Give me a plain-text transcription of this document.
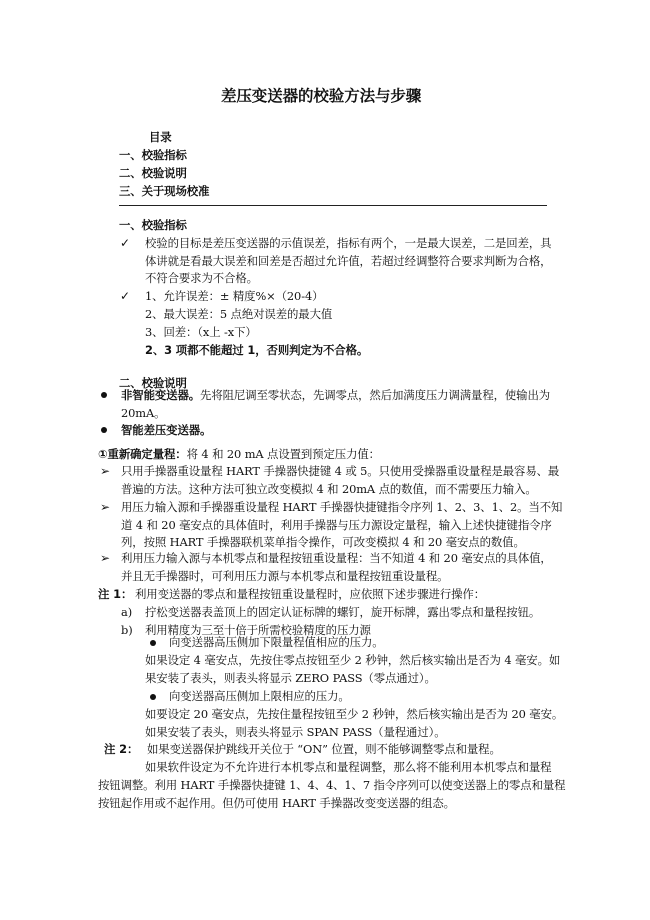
差压变送器的校验方法与步骤
目录
一、校验指标
二、校验说明
三、关于现场校准
一、校验指标
✓ 校验的目标是差压变送器的示值误差，指标有两个，一是最大误差，二是回差，具
体讲就是看最大误差和回差是否超过允许值，若超过经调整符合要求判断为合格，
不符合要求为不合格。
✓ 1、允许误差：± 精度%×（20-4）
2、最大误差：5 点绝对误差的最大值
3、回差：（x上 -x下）
2、3 项都不能超过 1，否则判定为不合格。
二、校验说明
非智能变送器。先将阻尼调至零状态，先调零点，然后加满度压力调满量程，使输出为
20mA。
智能差压变送器。
①重新确定量程：将 4 和 20 mA 点设置到预定压力值：
➢ 只用手操器重设量程 HART 手操器快捷键 4 或 5。只使用受操器重设量程是最容易、最
普遍的方法。这种方法可独立改变模拟 4 和 20mA 点的数值，而不需要压力输入。
➢ 用压力输入源和手操器重设量程 HART 手操器快捷键指令序列 1、2、3、1、2。当不知
道 4 和 20 毫安点的具体值时，利用手操器与压力源设定量程，输入上述快捷键指令序
列，按照 HART 手操器联机菜单指令操作，可改变模拟 4 和 20 毫安点的数值。
➢ 利用压力输入源与本机零点和量程按钮重设量程：当不知道 4 和 20 毫安点的具体值，
并且无手操器时，可利用压力源与本机零点和量程按钮重设量程。
注 1： 利用变送器的零点和量程按钮重设量程时，应依照下述步骤进行操作：
a) 拧松变送器表盖顶上的固定认证标牌的螺钉，旋开标牌，露出零点和量程按钮。
b) 利用精度为三至十倍于所需校验精度的压力源
向变送器高压侧加下限量程值相应的压力。
如果设定 4 毫安点，先按住零点按钮至少 2 秒钟，然后核实输出是否为 4 毫安。如
果安装了表头，则表头将显示 ZERO PASS（零点通过）。
向变送器高压侧加上限相应的压力。
如要设定 20 毫安点，先按住量程按钮至少 2 秒钟，然后核实输出是否为 20 毫安。
如果安装了表头，则表头将显示 SPAN PASS（量程通过）。
注 2： 如果变送器保护跳线开关位于 “ON” 位置，则不能够调整零点和量程。
如果软件设定为不允许进行本机零点和量程调整，那么将不能利用本机零点和量程
按钮调整。利用 HART 手操器快捷键 1、4、4、1、7 指令序列可以使变送器上的零点和量程
按钮起作用或不起作用。但仍可使用 HART 手操器改变变送器的组态。
